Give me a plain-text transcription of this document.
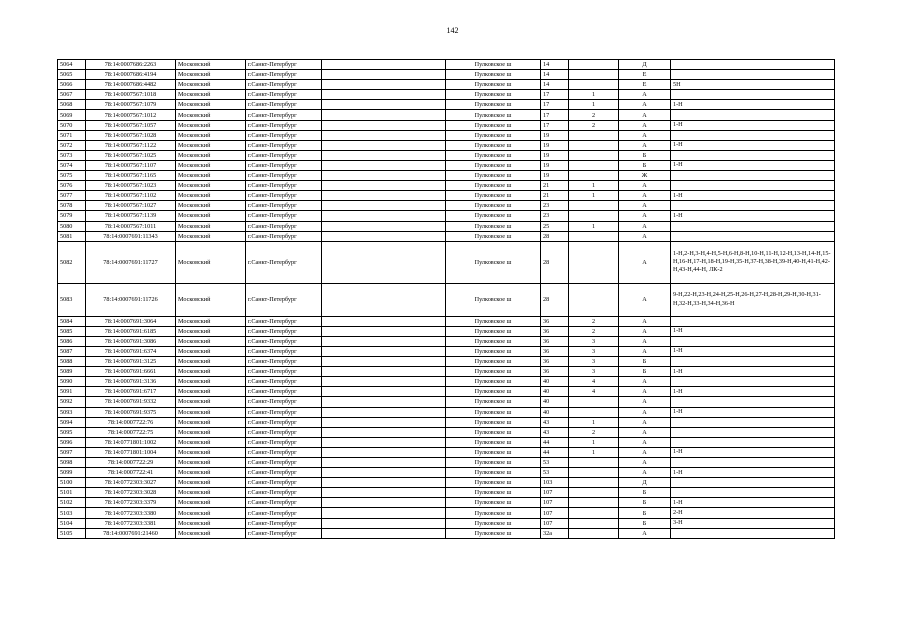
142
5064	78:14:0007686:2263	Московский	г.Санкт-Петербург		Пулковское ш	14		Д	
5065	78:14:0007686:4194	Московский	г.Санкт-Петербург		Пулковское ш	14		Е	
5066	78:14:0007686:4482	Московский	г.Санкт-Петербург		Пулковское ш	14		Е	5Н
5067	78:14:0007567:1018	Московский	г.Санкт-Петербург		Пулковское ш	17	1	А	
5068	78:14:0007567:1079	Московский	г.Санкт-Петербург		Пулковское ш	17	1	А	1-Н
5069	78:14:0007567:1012	Московский	г.Санкт-Петербург		Пулковское ш	17	2	А	
5070	78:14:0007567:1057	Московский	г.Санкт-Петербург		Пулковское ш	17	2	А	1-Н
5071	78:14:0007567:1028	Московский	г.Санкт-Петербург		Пулковское ш	19		А	
5072	78:14:0007567:1122	Московский	г.Санкт-Петербург		Пулковское ш	19		А	1-Н
5073	78:14:0007567:1025	Московский	г.Санкт-Петербург		Пулковское ш	19		Б	
5074	78:14:0007567:1107	Московский	г.Санкт-Петербург		Пулковское ш	19		Б	1-Н
5075	78:14:0007567:1165	Московский	г.Санкт-Петербург		Пулковское ш	19		Ж	
5076	78:14:0007567:1023	Московский	г.Санкт-Петербург		Пулковское ш	21	1	А	
5077	78:14:0007567:1102	Московский	г.Санкт-Петербург		Пулковское ш	21	1	А	1-Н
5078	78:14:0007567:1027	Московский	г.Санкт-Петербург		Пулковское ш	23		А	
5079	78:14:0007567:1139	Московский	г.Санкт-Петербург		Пулковское ш	23		А	1-Н
5080	78:14:0007567:1011	Московский	г.Санкт-Петербург		Пулковское ш	25	1	А	
5081	78:14:0007691:11343	Московский	г.Санкт-Петербург		Пулковское ш	28		А	
5082	78:14:0007691:11727	Московский	г.Санкт-Петербург		Пулковское ш	28		А	1-Н,2-Н,3-Н,4-Н,5-Н,6-Н,8-Н,10-Н,11-Н,12-Н,13-Н,14-Н,15-Н,16-Н,17-Н,18-Н,19-Н,35-Н,37-Н,38-Н,39-Н,40-Н,41-Н,42-Н,43-Н,44-Н, ЛК-2
5083	78:14:0007691:11726	Московский	г.Санкт-Петербург		Пулковское ш	28		А	9-Н,22-Н,23-Н,24-Н,25-Н,26-Н,27-Н,28-Н,29-Н,30-Н,31-Н,32-Н,33-Н,34-Н,36-Н
5084	78:14:0007691:3064	Московский	г.Санкт-Петербург		Пулковское ш	36	2	А	
5085	78:14:0007691:6185	Московский	г.Санкт-Петербург		Пулковское ш	36	2	А	1-Н
5086	78:14:0007691:3086	Московский	г.Санкт-Петербург		Пулковское ш	36	3	А	
5087	78:14:0007691:6374	Московский	г.Санкт-Петербург		Пулковское ш	36	3	А	1-Н
5088	78:14:0007691:3125	Московский	г.Санкт-Петербург		Пулковское ш	36	3	Б	
5089	78:14:0007691:6661	Московский	г.Санкт-Петербург		Пулковское ш	36	3	Б	1-Н
5090	78:14:0007691:3136	Московский	г.Санкт-Петербург		Пулковское ш	40	4	А	
5091	78:14:0007691:6717	Московский	г.Санкт-Петербург		Пулковское ш	40	4	А	1-Н
5092	78:14:0007691:9332	Московский	г.Санкт-Петербург		Пулковское ш	40		А	
5093	78:14:0007691:9375	Московский	г.Санкт-Петербург		Пулковское ш	40		А	1-Н
5094	78:14:0007722:76	Московский	г.Санкт-Петербург		Пулковское ш	43	1	А	
5095	78:14:0007722:75	Московский	г.Санкт-Петербург		Пулковское ш	43	2	А	
5096	78:14:0771801:1002	Московский	г.Санкт-Петербург		Пулковское ш	44	1	А	
5097	78:14:0771801:1004	Московский	г.Санкт-Петербург		Пулковское ш	44	1	А	1-Н
5098	78:14:0007722:29	Московский	г.Санкт-Петербург		Пулковское ш	53		А	
5099	78:14:0007722:41	Московский	г.Санкт-Петербург		Пулковское ш	53		А	1-Н
5100	78:14:0772303:3027	Московский	г.Санкт-Петербург		Пулковское ш	103		Д	
5101	78:14:0772303:3028	Московский	г.Санкт-Петербург		Пулковское ш	107		Б	
5102	78:14:0772303:3379	Московский	г.Санкт-Петербург		Пулковское ш	107		Б	1-Н
5103	78:14:0772303:3380	Московский	г.Санкт-Петербург		Пулковское ш	107		Б	2-Н
5104	78:14:0772303:3381	Московский	г.Санкт-Петербург		Пулковское ш	107		Б	3-Н
5105	78:14:0007691:21460	Московский	г.Санкт-Петербург		Пулковское ш	32а		А	
